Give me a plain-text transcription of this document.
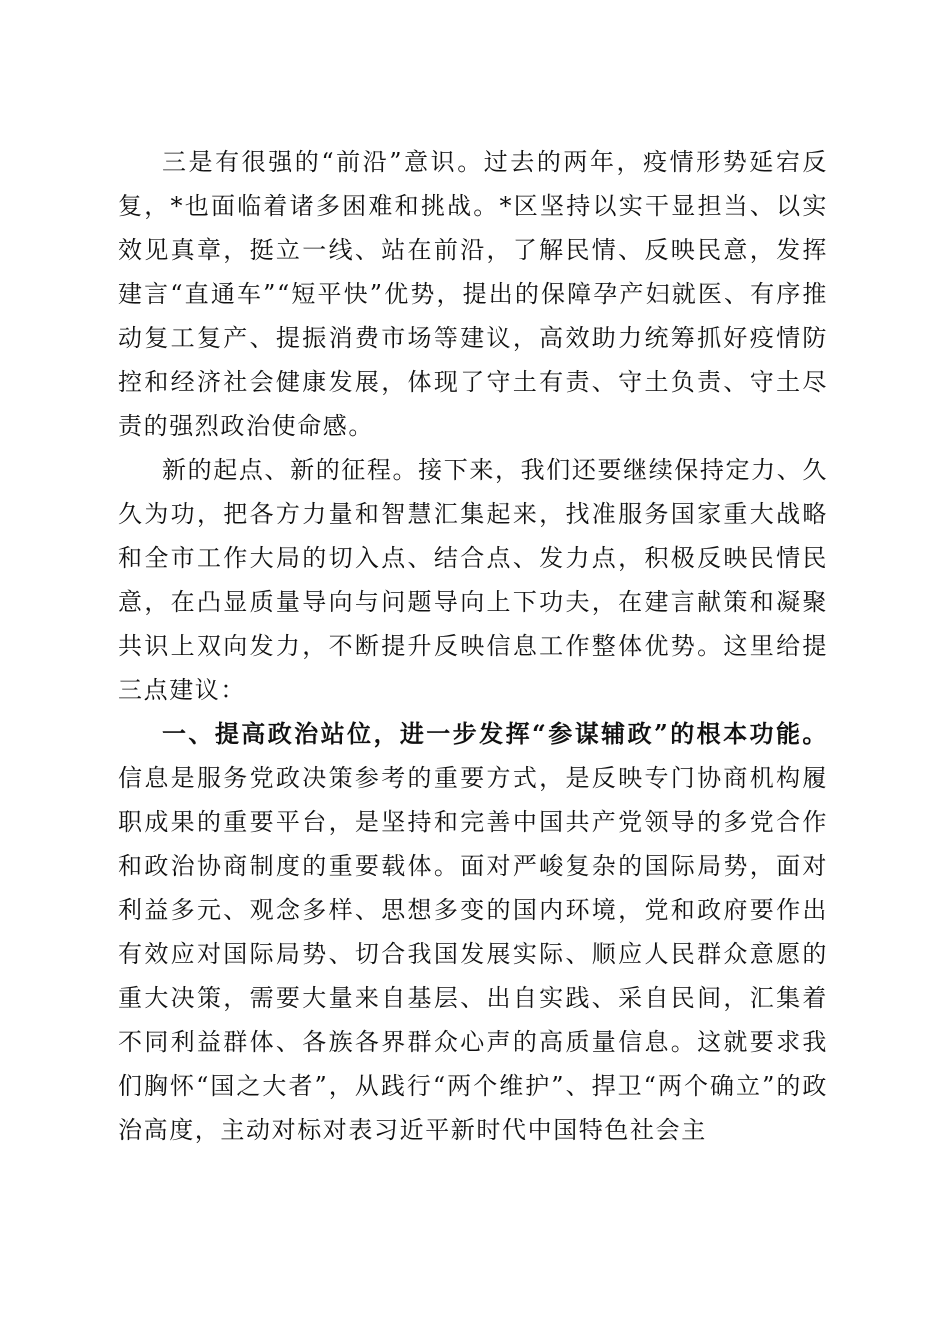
三是有很强的“前沿”意识。过去的两年，疫情形势延宕反复，*也面临着诸多困难和挑战。*区坚持以实干显担当、以实效见真章，挺立一线、站在前沿，了解民情、反映民意，发挥建言“直通车”“短平快”优势，提出的保障孕产妇就医、有序推动复工复产、提振消费市场等建议，高效助力统筹抓好疫情防控和经济社会健康发展，体现了守土有责、守土负责、守土尽责的强烈政治使命感。

新的起点、新的征程。接下来，我们还要继续保持定力、久久为功，把各方力量和智慧汇集起来，找准服务国家重大战略和全市工作大局的切入点、结合点、发力点，积极反映民情民意，在凸显质量导向与问题导向上下功夫，在建言献策和凝聚共识上双向发力，不断提升反映信息工作整体优势。这里给提三点建议：

一、提高政治站位，进一步发挥“参谋辅政”的根本功能。信息是服务党政决策参考的重要方式，是反映专门协商机构履职成果的重要平台，是坚持和完善中国共产党领导的多党合作和政治协商制度的重要载体。面对严峻复杂的国际局势，面对利益多元、观念多样、思想多变的国内环境，党和政府要作出有效应对国际局势、切合我国发展实际、顺应人民群众意愿的重大决策，需要大量来自基层、出自实践、采自民间，汇集着不同利益群体、各族各界群众心声的高质量信息。这就要求我们胸怀“国之大者”，从践行“两个维护”、捍卫“两个确立”的政治高度，主动对标对表习近平新时代中国特色社会主
